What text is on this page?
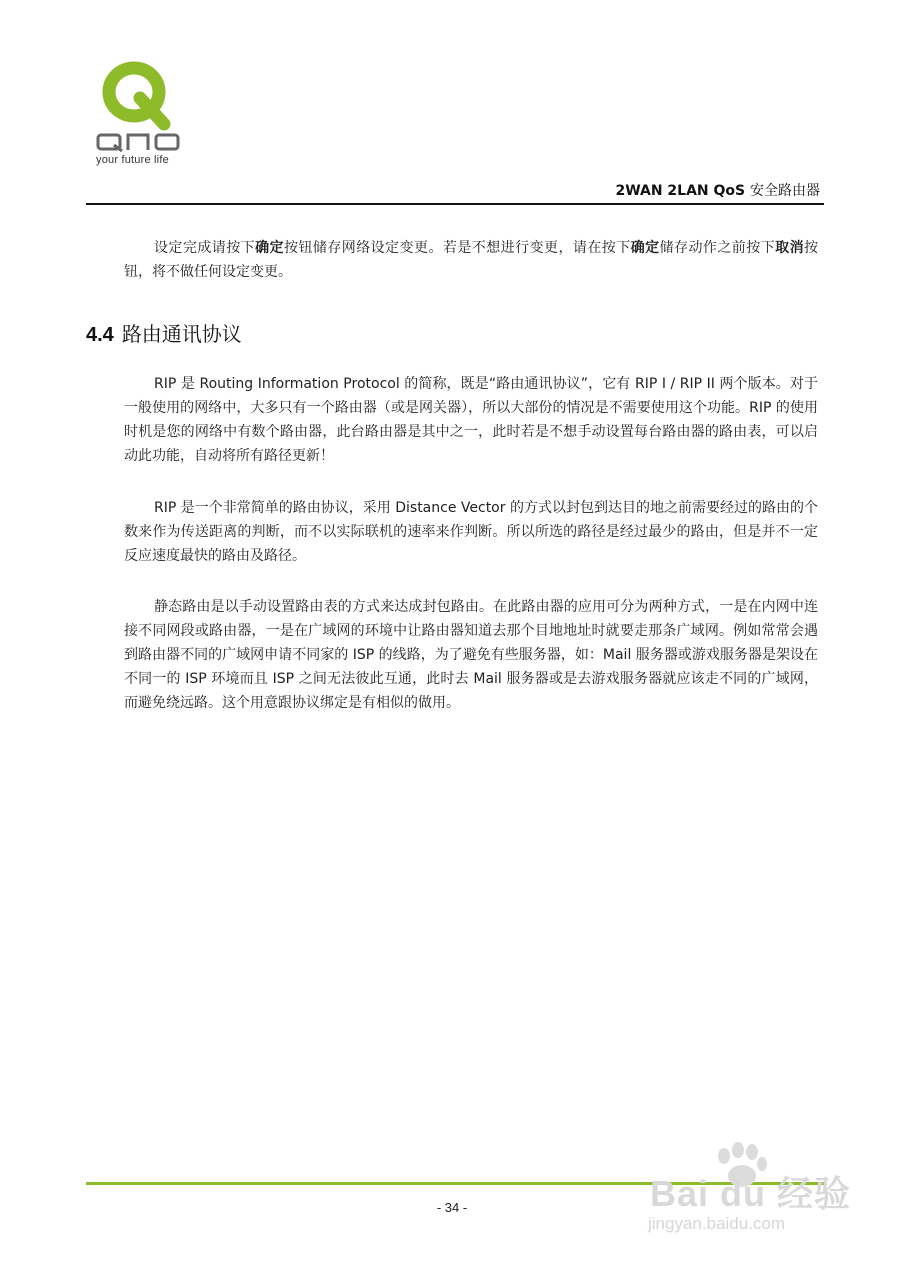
your future life
2WAN 2LAN QoS 安全路由器

设定完成请按下确定按钮储存网络设定变更。若是不想进行变更，请在按下确定储存动作之前按下取消按钮，将不做任何设定变更。

4.4 路由通讯协议

RIP 是 Routing Information Protocol 的简称，既是“路由通讯协议”，它有 RIP I / RIP II 两个版本。对于一般使用的网络中，大多只有一个路由器（或是网关器），所以大部份的情况是不需要使用这个功能。RIP 的使用时机是您的网络中有数个路由器，此台路由器是其中之一，此时若是不想手动设置每台路由器的路由表，可以启动此功能，自动将所有路径更新！

RIP 是一个非常简单的路由协议，采用 Distance Vector 的方式以封包到达目的地之前需要经过的路由的个数来作为传送距离的判断，而不以实际联机的速率来作判断。所以所选的路径是经过最少的路由，但是并不一定反应速度最快的路由及路径。

静态路由是以手动设置路由表的方式来达成封包路由。在此路由器的应用可分为两种方式，一是在内网中连接不同网段或路由器，一是在广域网的环境中让路由器知道去那个目地地址时就要走那条广域网。例如常常会遇到路由器不同的广域网申请不同家的 ISP 的线路，为了避免有些服务器，如：Mail 服务器或游戏服务器是架设在不同一的 ISP 环境而且 ISP 之间无法彼此互通，此时去 Mail 服务器或是去游戏服务器就应该走不同的广域网，而避免绕远路。这个用意跟协议绑定是有相似的做用。

- 34 -	Bai du 经验
jingyan.baidu.com
